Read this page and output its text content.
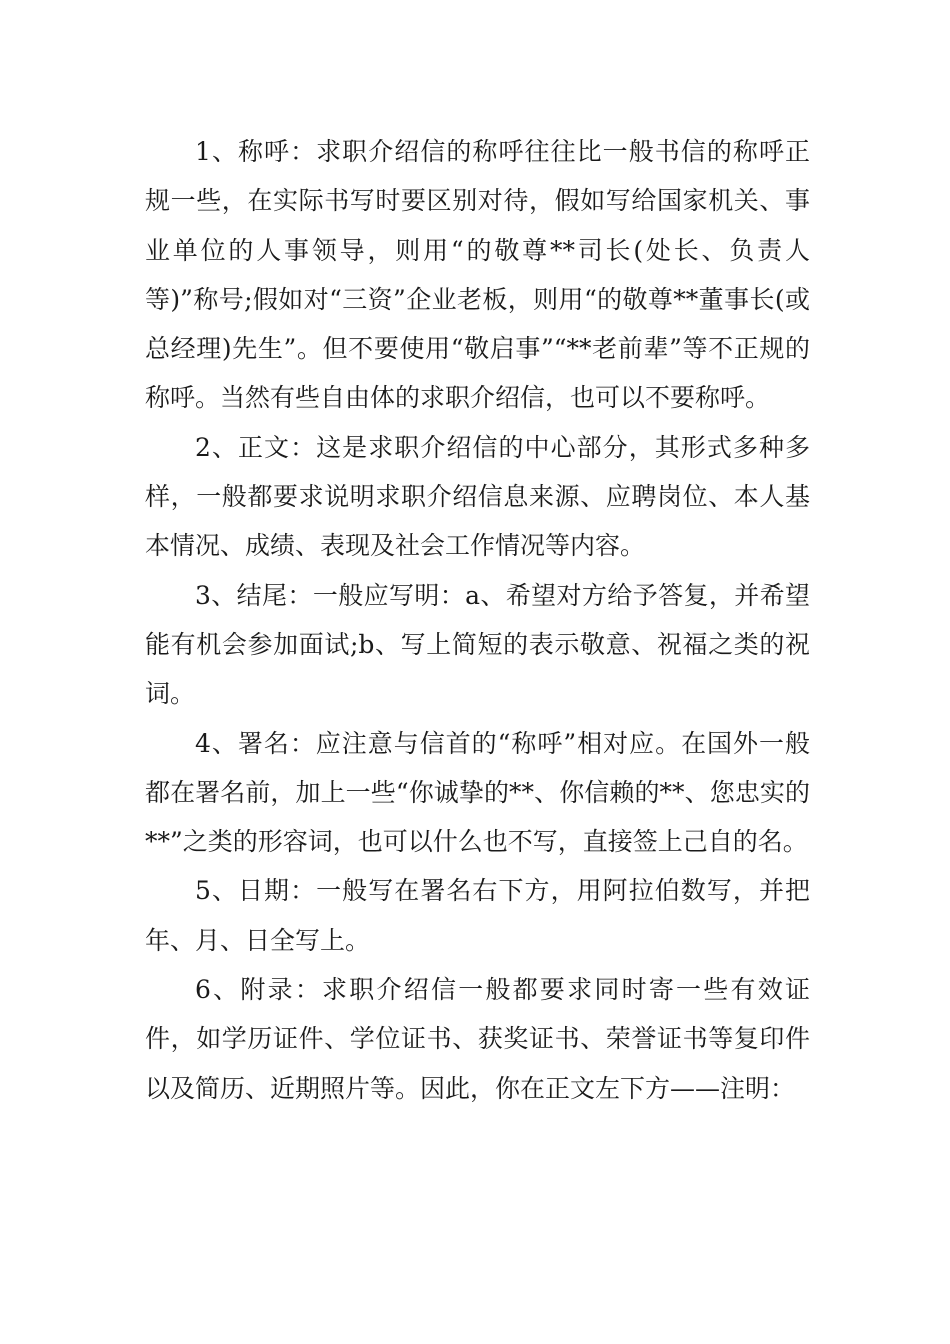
1、称呼：求职介绍信的称呼往往比一般书信的称呼正规一些，在实际书写时要区别对待，假如写给国家机关、事业单位的人事领导，则用“的敬尊**司长(处长、负责人等)”称号;假如对“三资”企业老板，则用“的敬尊**董事长(或总经理)先生”。但不要使用“敬启事”“**老前辈”等不正规的称呼。当然有些自由体的求职介绍信，也可以不要称呼。

2、正文：这是求职介绍信的中心部分，其形式多种多样，一般都要求说明求职介绍信息来源、应聘岗位、本人基本情况、成绩、表现及社会工作情况等内容。

3、结尾：一般应写明：a、希望对方给予答复，并希望能有机会参加面试;b、写上简短的表示敬意、祝福之类的祝词。

4、署名：应注意与信首的“称呼”相对应。在国外一般都在署名前，加上一些“你诚挚的**、你信赖的**、您忠实的**”之类的形容词，也可以什么也不写，直接签上己自的名。

5、日期：一般写在署名右下方，用阿拉伯数写，并把年、月、日全写上。

6、附录：求职介绍信一般都要求同时寄一些有效证件，如学历证件、学位证书、获奖证书、荣誉证书等复印件以及简历、近期照片等。因此，你在正文左下方——注明：
